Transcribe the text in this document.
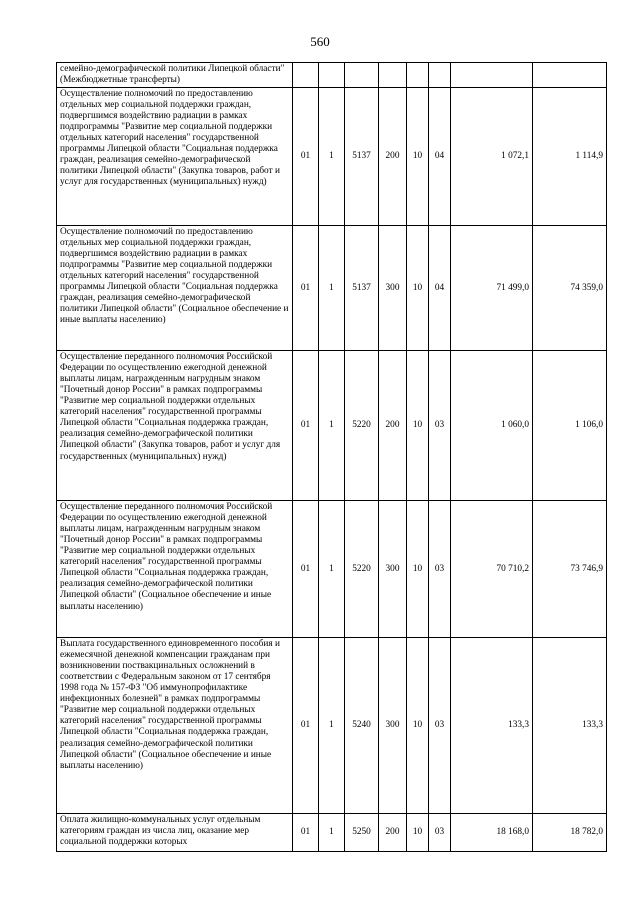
560
семейно-демографической политики Липецкой области" (Межбюджетные трансферты)								
Осуществление полномочий по предоставлению отдельных мер социальной поддержки граждан, подвергшимся воздействию радиации в рамках подпрограммы "Развитие мер социальной поддержки отдельных категорий населения" государственной программы Липецкой области "Социальная поддержка граждан, реализация семейно-демографической политики Липецкой области" (Закупка товаров, работ и услуг для государственных (муниципальных) нужд)	01	1	5137	200	10	04	1 072,1	1 114,9
Осуществление полномочий по предоставлению отдельных мер социальной поддержки граждан, подвергшимся воздействию радиации в рамках подпрограммы "Развитие мер социальной поддержки отдельных категорий населения" государственной программы Липецкой области "Социальная поддержка граждан, реализация семейно-демографической политики Липецкой области" (Социальное обеспечение и иные выплаты населению)	01	1	5137	300	10	04	71 499,0	74 359,0
Осуществление переданного полномочия Российской Федерации по осуществлению ежегодной денежной выплаты лицам, награжденным нагрудным знаком "Почетный донор России" в рамках подпрограммы "Развитие мер социальной поддержки отдельных категорий населения" государственной программы Липецкой области "Социальная поддержка граждан, реализация семейно-демографической политики Липецкой области" (Закупка товаров, работ и услуг для государственных (муниципальных) нужд)	01	1	5220	200	10	03	1 060,0	1 106,0
Осуществление переданного полномочия Российской Федерации по осуществлению ежегодной денежной выплаты лицам, награжденным нагрудным знаком "Почетный донор России" в рамках подпрограммы "Развитие мер социальной поддержки отдельных категорий населения" государственной программы Липецкой области "Социальная поддержка граждан, реализация семейно-демографической политики Липецкой области" (Социальное обеспечение и иные выплаты населению)	01	1	5220	300	10	03	70 710,2	73 746,9
Выплата государственного единовременного пособия и ежемесячной денежной компенсации гражданам при возникновении поствакцинальных осложнений в соответствии с Федеральным законом от 17 сентября 1998 года № 157-ФЗ "Об иммунопрофилактике инфекционных болезней" в рамках подпрограммы "Развитие мер социальной поддержки отдельных категорий населения" государственной программы Липецкой области "Социальная поддержка граждан, реализация семейно-демографической политики Липецкой области" (Социальное обеспечение и иные выплаты населению)	01	1	5240	300	10	03	133,3	133,3
Оплата жилищно-коммунальных услуг отдельным категориям граждан из числа лиц, оказание мер социальной поддержки которых	01	1	5250	200	10	03	18 168,0	18 782,0
